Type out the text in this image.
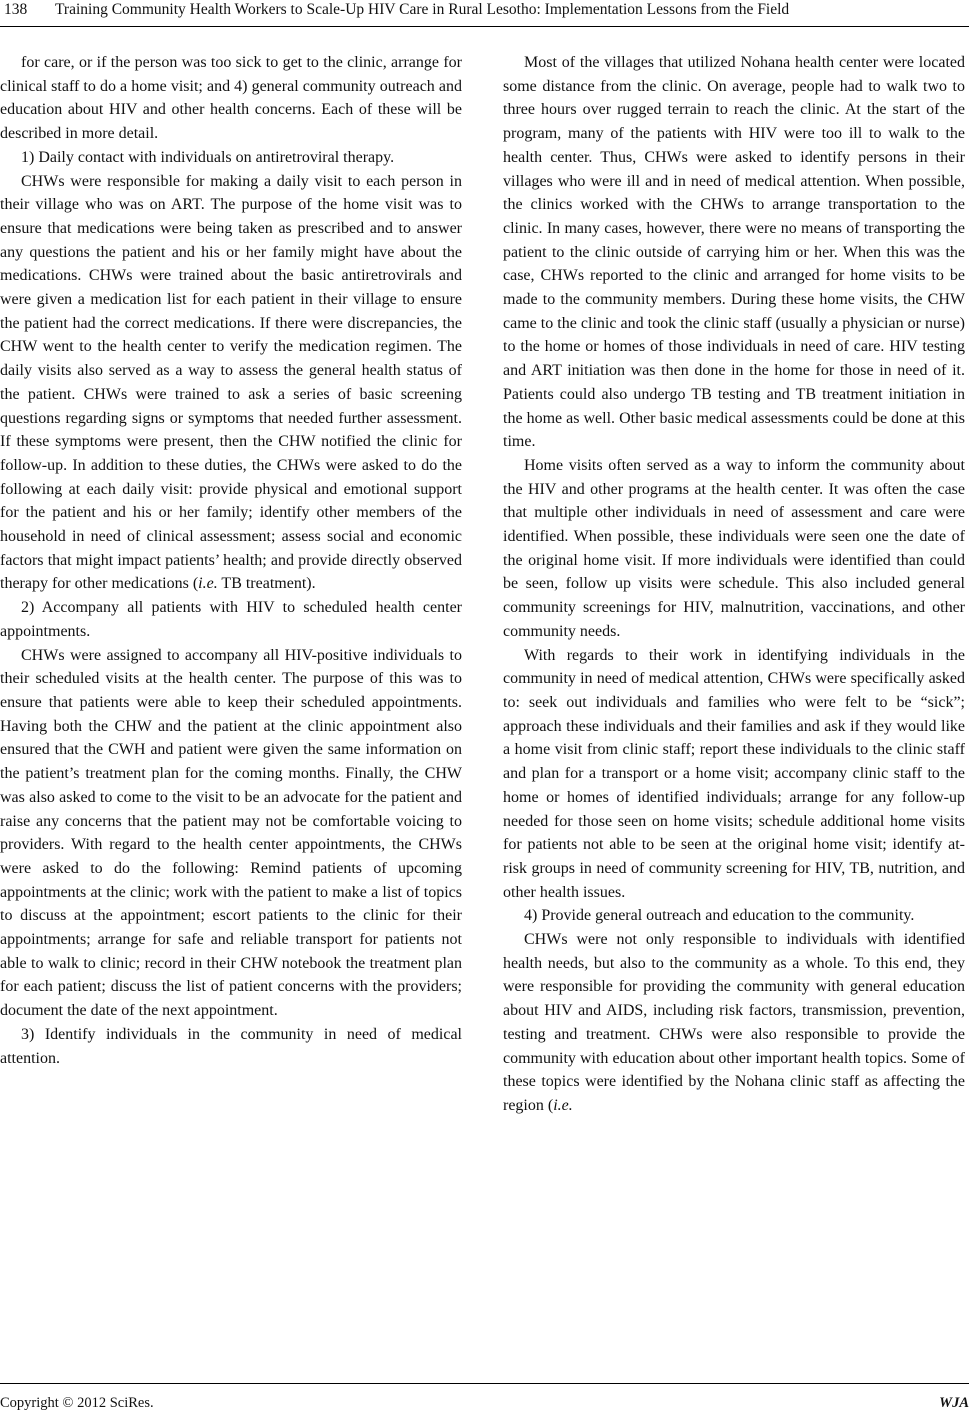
138 Training Community Health Workers to Scale-Up HIV Care in Rural Lesotho: Implementation Lessons from the Field

for care, or if the person was too sick to get to the clinic, arrange for clinical staff to do a home visit; and 4) general community outreach and education about HIV and other health concerns. Each of these will be described in more detail.

1) Daily contact with individuals on antiretroviral therapy.

CHWs were responsible for making a daily visit to each person in their village who was on ART. The purpose of the home visit was to ensure that medications were being taken as prescribed and to answer any questions the patient and his or her family might have about the medications. CHWs were trained about the basic antiretrovirals and were given a medication list for each patient in their village to ensure the patient had the correct medications. If there were discrepancies, the CHW went to the health center to verify the medication regimen. The daily visits also served as a way to assess the general health status of the patient. CHWs were trained to ask a series of basic screening questions regarding signs or symptoms that needed further assessment. If these symptoms were present, then the CHW notified the clinic for follow-up. In addition to these duties, the CHWs were asked to do the following at each daily visit: provide physical and emotional support for the patient and his or her family; identify other members of the household in need of clinical assessment; assess social and economic factors that might impact patients’ health; and provide directly observed therapy for other medications (i.e. TB treatment).

2) Accompany all patients with HIV to scheduled health center appointments.

CHWs were assigned to accompany all HIV-positive individuals to their scheduled visits at the health center. The purpose of this was to ensure that patients were able to keep their scheduled appointments. Having both the CHW and the patient at the clinic appointment also ensured that the CWH and patient were given the same information on the patient’s treatment plan for the coming months. Finally, the CHW was also asked to come to the visit to be an advocate for the patient and raise any concerns that the patient may not be comfortable voicing to providers. With regard to the health center appointments, the CHWs were asked to do the following: Remind patients of upcoming appointments at the clinic; work with the patient to make a list of topics to discuss at the appointment; escort patients to the clinic for their appointments; arrange for safe and reliable transport for patients not able to walk to clinic; record in their CHW notebook the treatment plan for each patient; discuss the list of patient concerns with the providers; document the date of the next appointment.

3) Identify individuals in the community in need of medical attention.

Most of the villages that utilized Nohana health center were located some distance from the clinic. On average, people had to walk two to three hours over rugged terrain to reach the clinic. At the start of the program, many of the patients with HIV were too ill to walk to the health center. Thus, CHWs were asked to identify persons in their villages who were ill and in need of medical attention. When possible, the clinics worked with the CHWs to arrange transportation to the clinic. In many cases, however, there were no means of transporting the patient to the clinic outside of carrying him or her. When this was the case, CHWs reported to the clinic and arranged for home visits to be made to the community members. During these home visits, the CHW came to the clinic and took the clinic staff (usually a physician or nurse) to the home or homes of those individuals in need of care. HIV testing and ART initiation was then done in the home for those in need of it. Patients could also undergo TB testing and TB treatment initiation in the home as well. Other basic medical assessments could be done at this time.

Home visits often served as a way to inform the community about the HIV and other programs at the health center. It was often the case that multiple other individuals in need of assessment and care were identified. When possible, these individuals were seen one the date of the original home visit. If more individuals were identified than could be seen, follow up visits were schedule. This also included general community screenings for HIV, malnutrition, vaccinations, and other community needs.

With regards to their work in identifying individuals in the community in need of medical attention, CHWs were specifically asked to: seek out individuals and families who were felt to be “sick”; approach these individuals and their families and ask if they would like a home visit from clinic staff; report these individuals to the clinic staff and plan for a transport or a home visit; accompany clinic staff to the home or homes of identified individuals; arrange for any follow-up needed for those seen on home visits; schedule additional home visits for patients not able to be seen at the original home visit; identify at-risk groups in need of community screening for HIV, TB, nutrition, and other health issues.

4) Provide general outreach and education to the community.

CHWs were not only responsible to individuals with identified health needs, but also to the community as a whole. To this end, they were responsible for providing the community with general education about HIV and AIDS, including risk factors, transmission, prevention, testing and treatment. CHWs were also responsible to provide the community with education about other important health topics. Some of these topics were identified by the Nohana clinic staff as affecting the region (i.e.

Copyright © 2012 SciRes.	WJA
